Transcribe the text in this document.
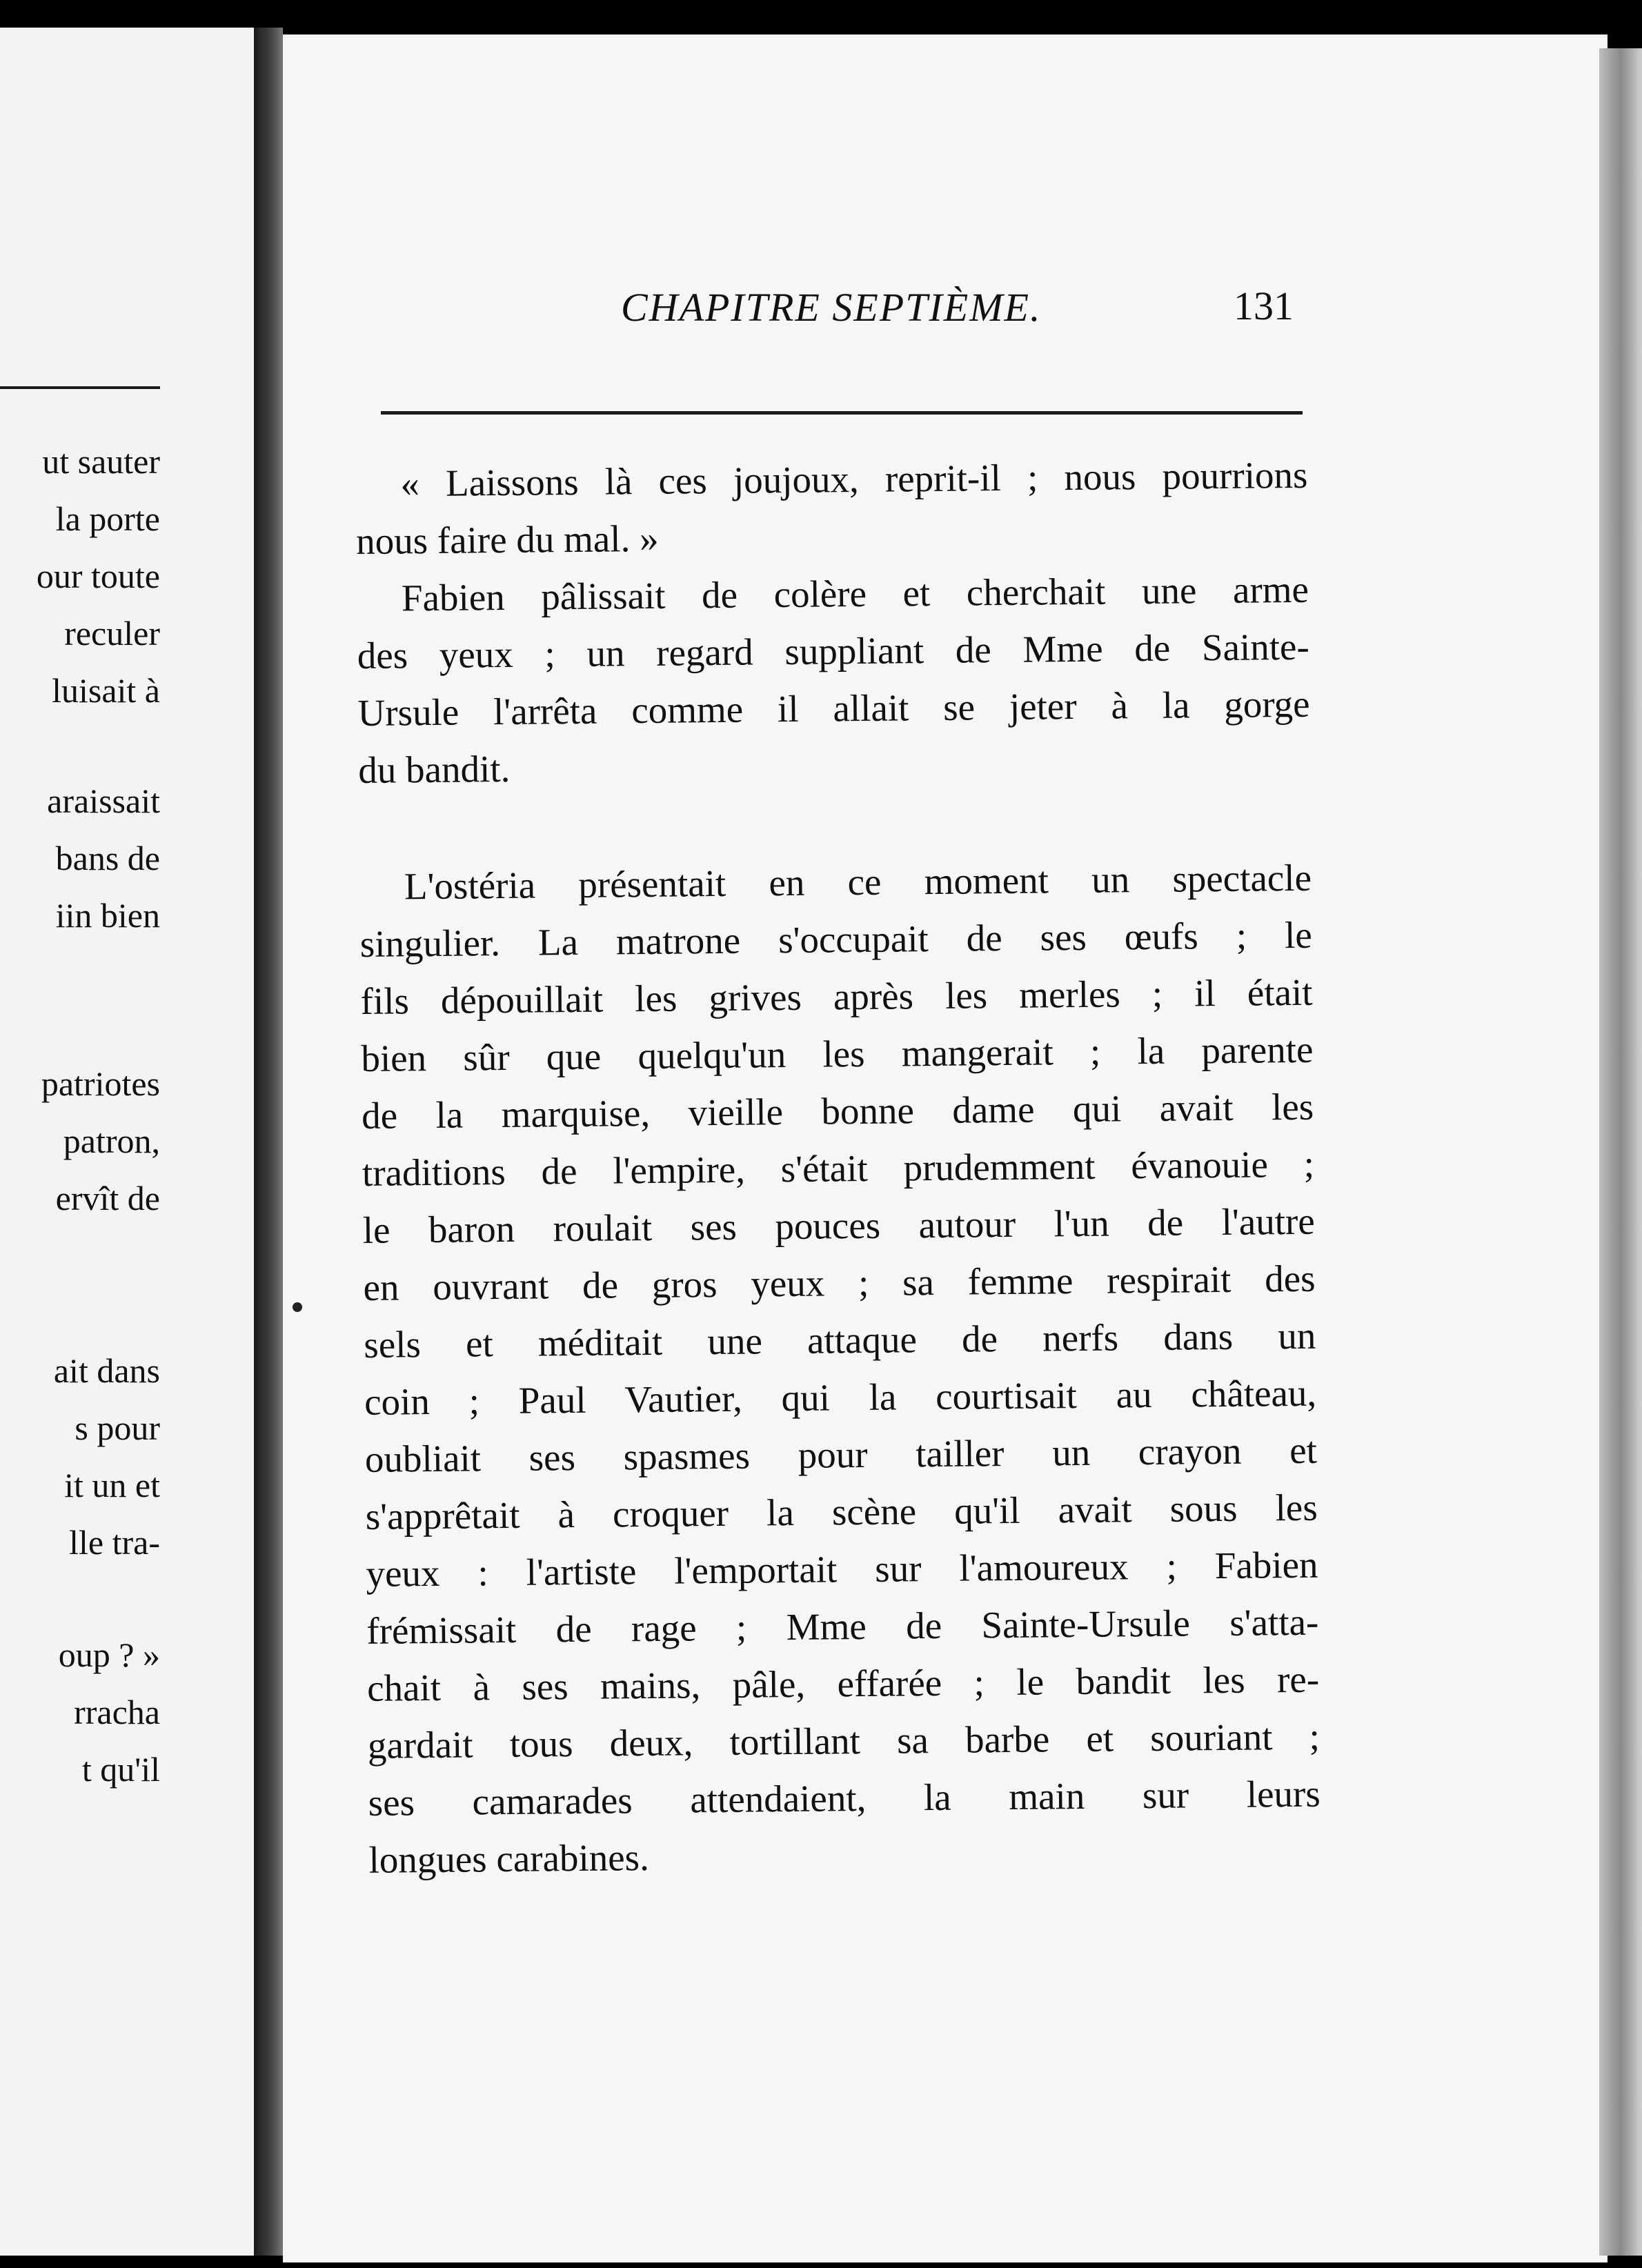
ut sauter
la porte
our toute
reculer
luisait à
araissait
bans de
iin bien
patriotes
patron,
ervît de
ait dans
s pour
it un et
lle tra-
oup ? »
rracha
t qu'il
CHAPITRE SEPTIÈME.	131

« Laissons là ces joujoux, reprit-il ; nous pourrions
nous faire du mal. »

Fabien pâlissait de colère et cherchait une arme
des yeux ; un regard suppliant de Mme de Sainte-
Ursule l'arrêta comme il allait se jeter à la gorge
du bandit.

L'ostéria présentait en ce moment un spectacle
singulier. La matrone s'occupait de ses œufs ; le
fils dépouillait les grives après les merles ; il était
bien sûr que quelqu'un les mangerait ; la parente
de la marquise, vieille bonne dame qui avait les
traditions de l'empire, s'était prudemment évanouie ;
le baron roulait ses pouces autour l'un de l'autre
en ouvrant de gros yeux ; sa femme respirait des
sels et méditait une attaque de nerfs dans un
coin ; Paul Vautier, qui la courtisait au château,
oubliait ses spasmes pour tailler un crayon et
s'apprêtait à croquer la scène qu'il avait sous les
yeux : l'artiste l'emportait sur l'amoureux ; Fabien
frémissait de rage ; Mme de Sainte-Ursule s'atta-
chait à ses mains, pâle, effarée ; le bandit les re-
gardait tous deux, tortillant sa barbe et souriant ;
ses camarades attendaient, la main sur leurs
longues carabines.
